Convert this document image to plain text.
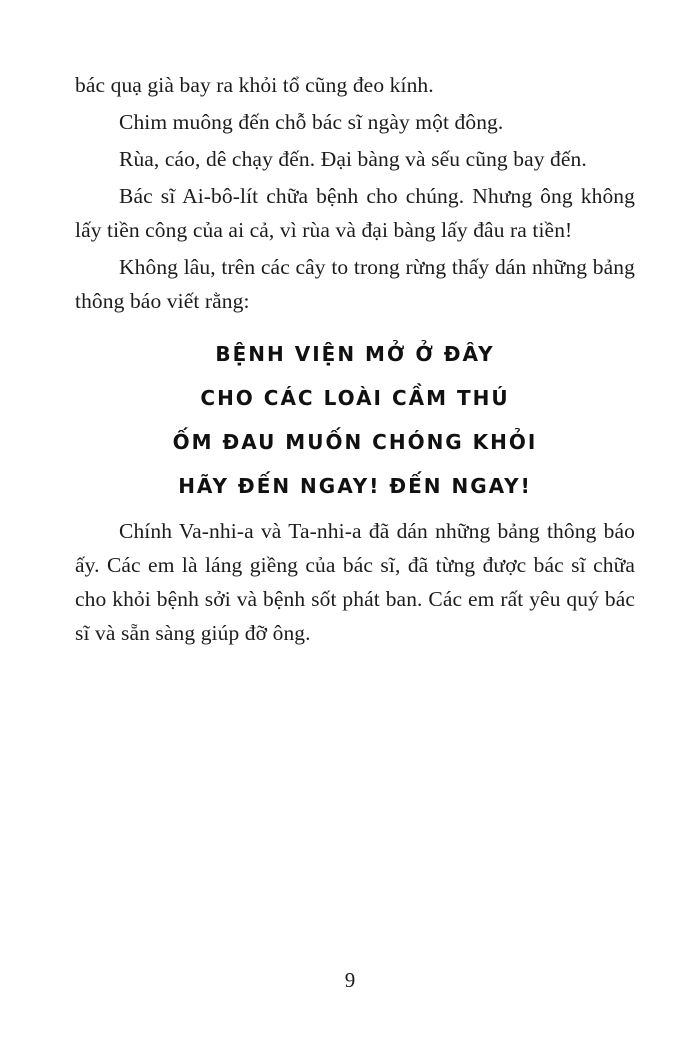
bác quạ già bay ra khỏi tổ cũng đeo kính.

Chim muông đến chỗ bác sĩ ngày một đông.

Rùa, cáo, dê chạy đến. Đại bàng và sếu cũng bay đến.

Bác sĩ Ai-bô-lít chữa bệnh cho chúng. Nhưng ông không lấy tiền công của ai cả, vì rùa và đại bàng lấy đâu ra tiền!

Không lâu, trên các cây to trong rừng thấy dán những bảng thông báo viết rằng:

BỆNH VIỆN MỞ Ở ĐÂY
CHO CÁC LOÀI CẦM THÚ
ỐM ĐAU MUỐN CHÓNG KHỎI
HÃY ĐẾN NGAY! ĐẾN NGAY!

Chính Va-nhi-a và Ta-nhi-a đã dán những bảng thông báo ấy. Các em là láng giềng của bác sĩ, đã từng được bác sĩ chữa cho khỏi bệnh sởi và bệnh sốt phát ban. Các em rất yêu quý bác sĩ và sẵn sàng giúp đỡ ông.

9
